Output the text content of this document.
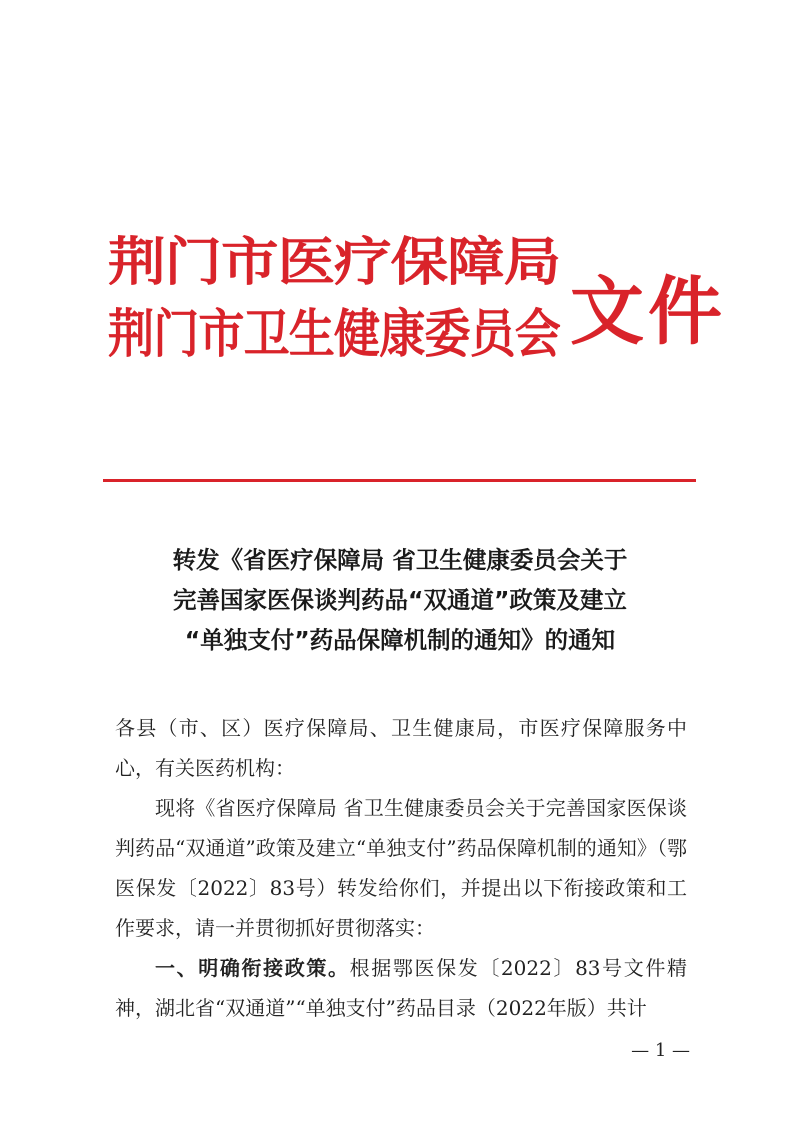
荆门市医疗保障局
荆门市卫生健康委员会 文件
转发《省医疗保障局 省卫生健康委员会关于
完善国家医保谈判药品“双通道”政策及建立
“单独支付”药品保障机制的通知》的通知

各县（市、区）医疗保障局、卫生健康局，市医疗保障服务中心，有关医药机构：

现将《省医疗保障局 省卫生健康委员会关于完善国家医保谈判药品“双通道”政策及建立“单独支付”药品保障机制的通知》（鄂医保发〔2022〕83号）转发给你们，并提出以下衔接政策和工作要求，请一并贯彻抓好贯彻落实：

一、明确衔接政策。根据鄂医保发〔2022〕83号文件精神，湖北省“双通道”“单独支付”药品目录（2022年版）共计

— 1 —
